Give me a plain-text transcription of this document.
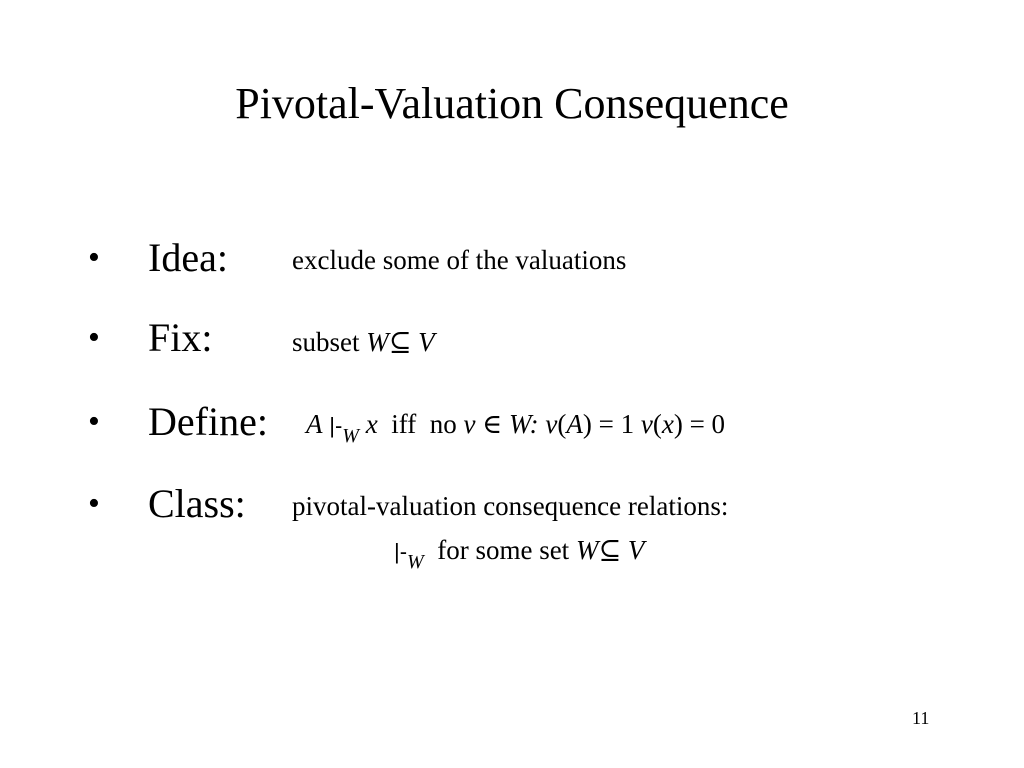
Pivotal-Valuation Consequence
• Idea: exclude some of the valuations
• Fix:	subset W⊆ V
• Define: A $|-_W$ x iff no v ∈ W: v(A) = 1 v(x) = 0
• Class: pivotal-valuation consequence relations:
$|-_W$ for some set W⊆ V
11
